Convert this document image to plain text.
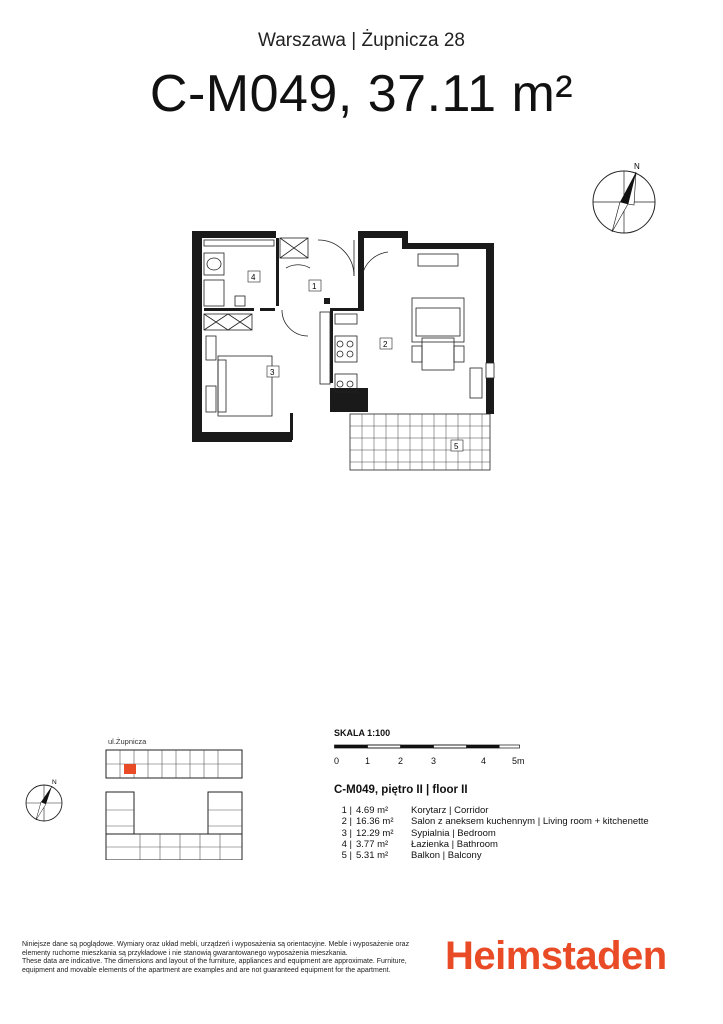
Warszawa | Żupnicza 28
C-M049, 37.11 m²
N
1
2
3
4
5
ul.Żupnicza
N
SKALA 1:100
0	1	2	3	4	5m
C-M049, piętro II | floor II
1 | 4.69 m²	Korytarz | Corridor
2 | 16.36 m²	Salon z aneksem kuchennym | Living room + kitchenette
3 | 12.29 m²	Sypialnia | Bedroom
4 | 3.77 m²	Łazienka | Bathroom
5 | 5.31 m²	Balkon | Balcony
Niniejsze dane są poglądowe. Wymiary oraz układ mebli, urządzeń i wyposażenia są orientacyjne. Meble i wyposażenie oraz elementy ruchome mieszkania są przykładowe i nie stanowią gwarantowanego wyposażenia mieszkania.
These data are indicative. The dimensions and layout of the furniture, appliances and equipment are approximate. Furniture, equipment and movable elements of the apartment are examples and are not guaranteed equipment for the apartment.	Heimstaden
